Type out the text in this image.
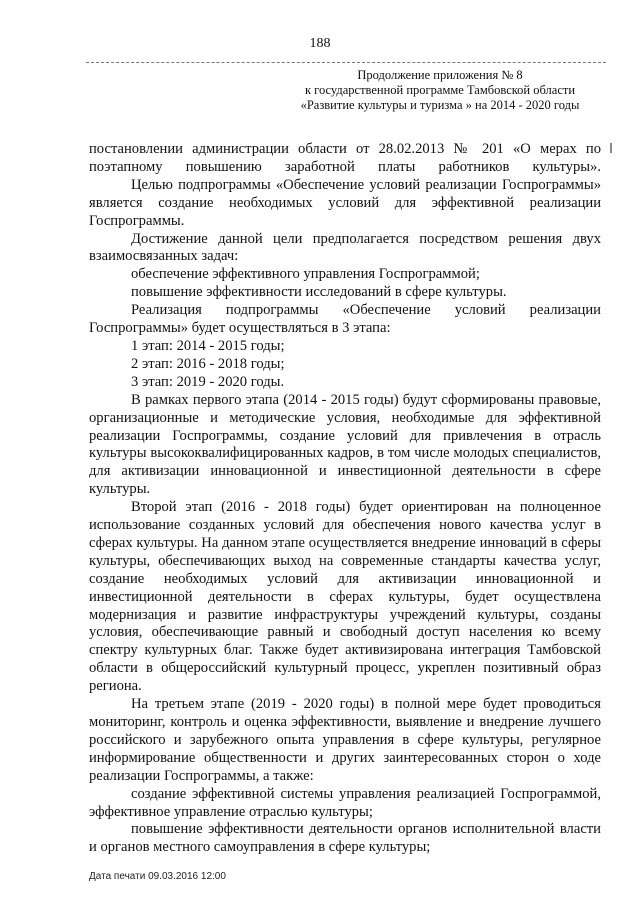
188
Продолжение приложения № 8
к государственной программе Тамбовской области
«Развитие культуры и туризма » на 2014 - 2020 годы

постановлении администрации области от 28.02.2013 № 201 «О мерах по поэтапному повышению заработной платы работников культуры».

Целью подпрограммы «Обеспечение условий реализации Госпрограммы» является создание необходимых условий для эффективной реализации Госпрограммы.

Достижение данной цели предполагается посредством решения двух взаимосвязанных задач:

обеспечение эффективного управления Госпрограммой;

повышение эффективности исследований в сфере культуры.

Реализация подпрограммы «Обеспечение условий реализации Госпрограммы» будет осуществляться в 3 этапа:

1 этап: 2014 - 2015 годы;

2 этап: 2016 - 2018 годы;

3 этап: 2019 - 2020 годы.

В рамках первого этапа (2014 - 2015 годы) будут сформированы правовые, организационные и методические условия, необходимые для эффективной реализации Госпрограммы, создание условий для привлечения в отрасль культуры высококвалифицированных кадров, в том числе молодых специалистов, для активизации инновационной и инвестиционной деятельности в сфере культуры.

Второй этап (2016 - 2018 годы) будет ориентирован на полноценное использование созданных условий для обеспечения нового качества услуг в сферах культуры. На данном этапе осуществляется внедрение инноваций в сферы культуры, обеспечивающих выход на современные стандарты качества услуг, создание необходимых условий для активизации инновационной и инвестиционной деятельности в сферах культуры, будет осуществлена модернизация и развитие инфраструктуры учреждений культуры, созданы условия, обеспечивающие равный и свободный доступ населения ко всему спектру культурных благ. Также будет активизирована интеграция Тамбовской области в общероссийский культурный процесс, укреплен позитивный образ региона.

На третьем этапе (2019 - 2020 годы) в полной мере будет проводиться мониторинг, контроль и оценка эффективности, выявление и внедрение лучшего российского и зарубежного опыта управления в сфере культуры, регулярное информирование общественности и других заинтересованных сторон о ходе реализации Госпрограммы, а также:

создание эффективной системы управления реализацией Госпрограммой, эффективное управление отраслью культуры;

повышение эффективности деятельности органов исполнительной власти и органов местного самоуправления в сфере культуры;

Дата печати 09.03.2016 12:00
